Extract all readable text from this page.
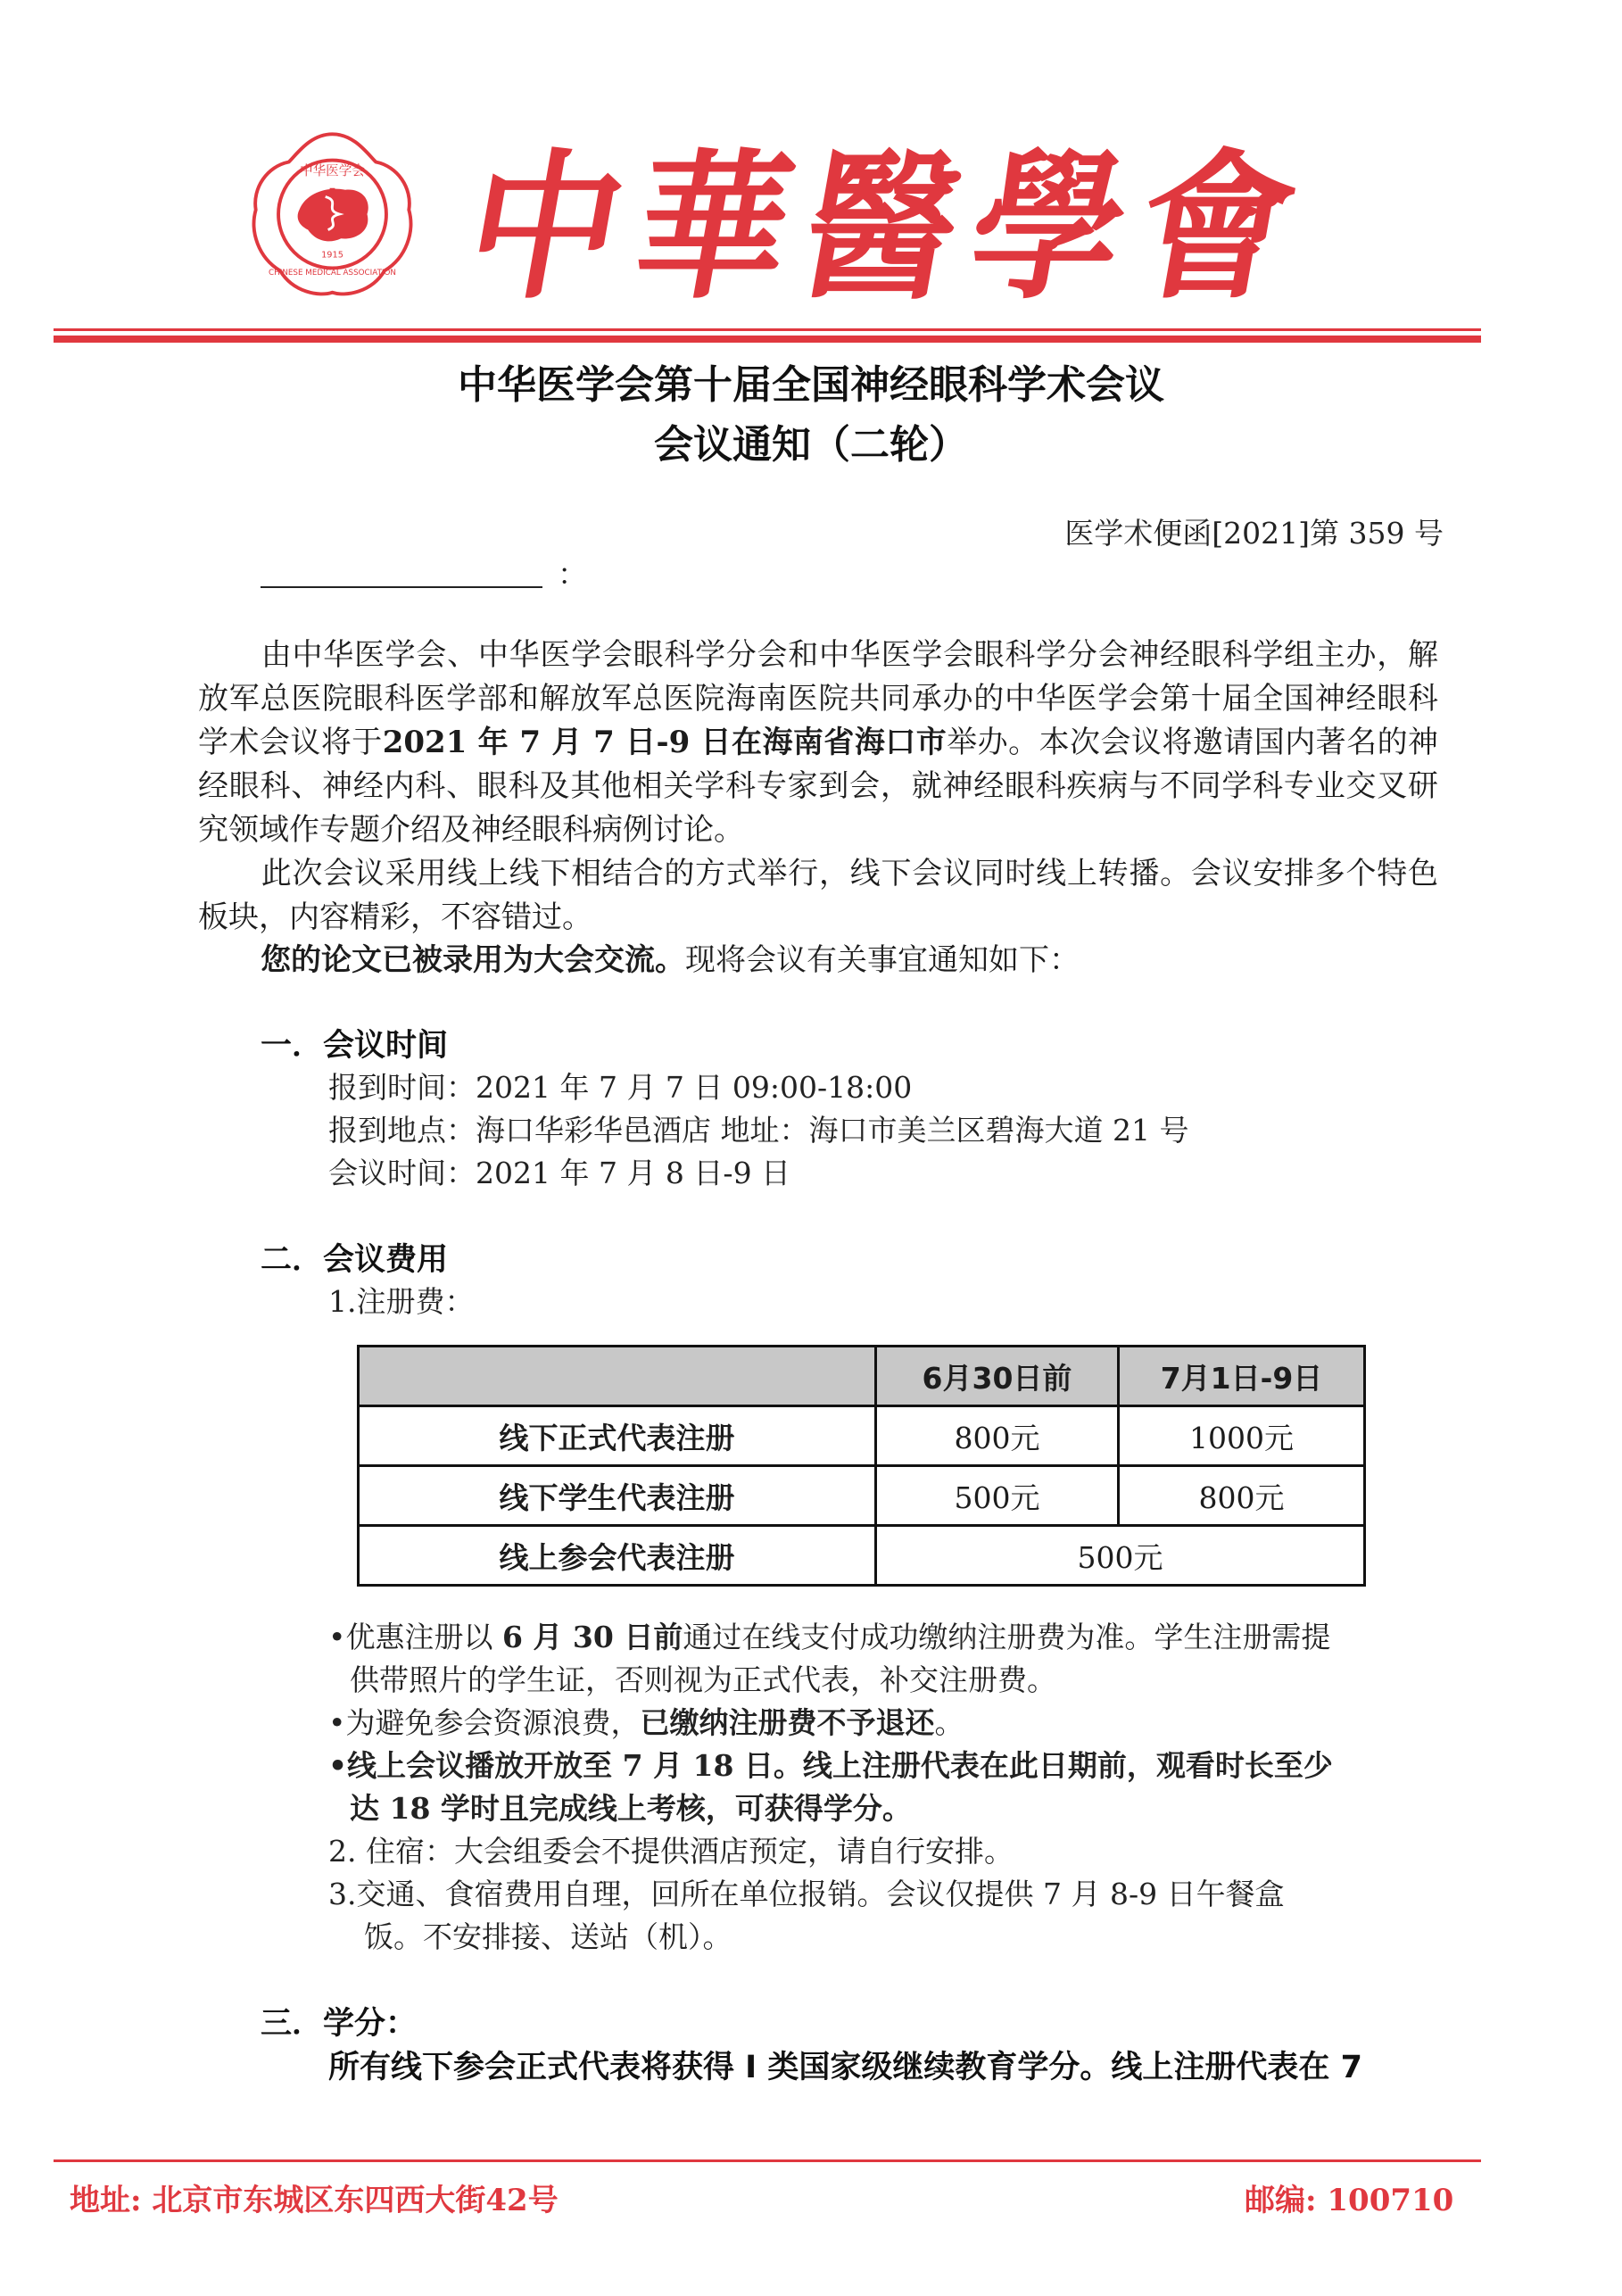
中华医学会
1915
CHINESE MEDICAL ASSOCIATION 中華醫學會
中华医学会第十届全国神经眼科学术会议
会议通知（二轮）
医学术便函[2021]第 359 号
：
由中华医学会、中华医学会眼科学分会和中华医学会眼科学分会神经眼科学组主办，解放军总医院眼科医学部和解放军总医院海南医院共同承办的中华医学会第十届全国神经眼科学术会议将于2021 年 7 月 7 日-9 日在海南省海口市举办。本次会议将邀请国内著名的神经眼科、神经内科、眼科及其他相关学科专家到会，就神经眼科疾病与不同学科专业交叉研究领域作专题介绍及神经眼科病例讨论。
此次会议采用线上线下相结合的方式举行，线下会议同时线上转播。会议安排多个特色板块，内容精彩，不容错过。
您的论文已被录用为大会交流。现将会议有关事宜通知如下：
一．会议时间
报到时间：2021 年 7 月 7 日 09:00-18:00
报到地点：海口华彩华邑酒店 地址：海口市美兰区碧海大道 21 号
会议时间：2021 年 7 月 8 日-9 日
二．会议费用
1.注册费：
	6月30日前	7月1日-9日
线下正式代表注册	800元	1000元
线下学生代表注册	500元	800元
线上参会代表注册	500元	
•优惠注册以 6 月 30 日前通过在线支付成功缴纳注册费为准。学生注册需提
供带照片的学生证，否则视为正式代表，补交注册费。
•为避免参会资源浪费，已缴纳注册费不予退还。
•线上会议播放开放至 7 月 18 日。线上注册代表在此日期前，观看时长至少
达 18 学时且完成线上考核，可获得学分。
2. 住宿：大会组委会不提供酒店预定，请自行安排。
3.交通、食宿费用自理，回所在单位报销。会议仅提供 7 月 8-9 日午餐盒
饭。不安排接、送站（机）。
三．学分：
所有线下参会正式代表将获得 I 类国家级继续教育学分。线上注册代表在 7
地址: 北京市东城区东四西大街42号	邮编: 100710
